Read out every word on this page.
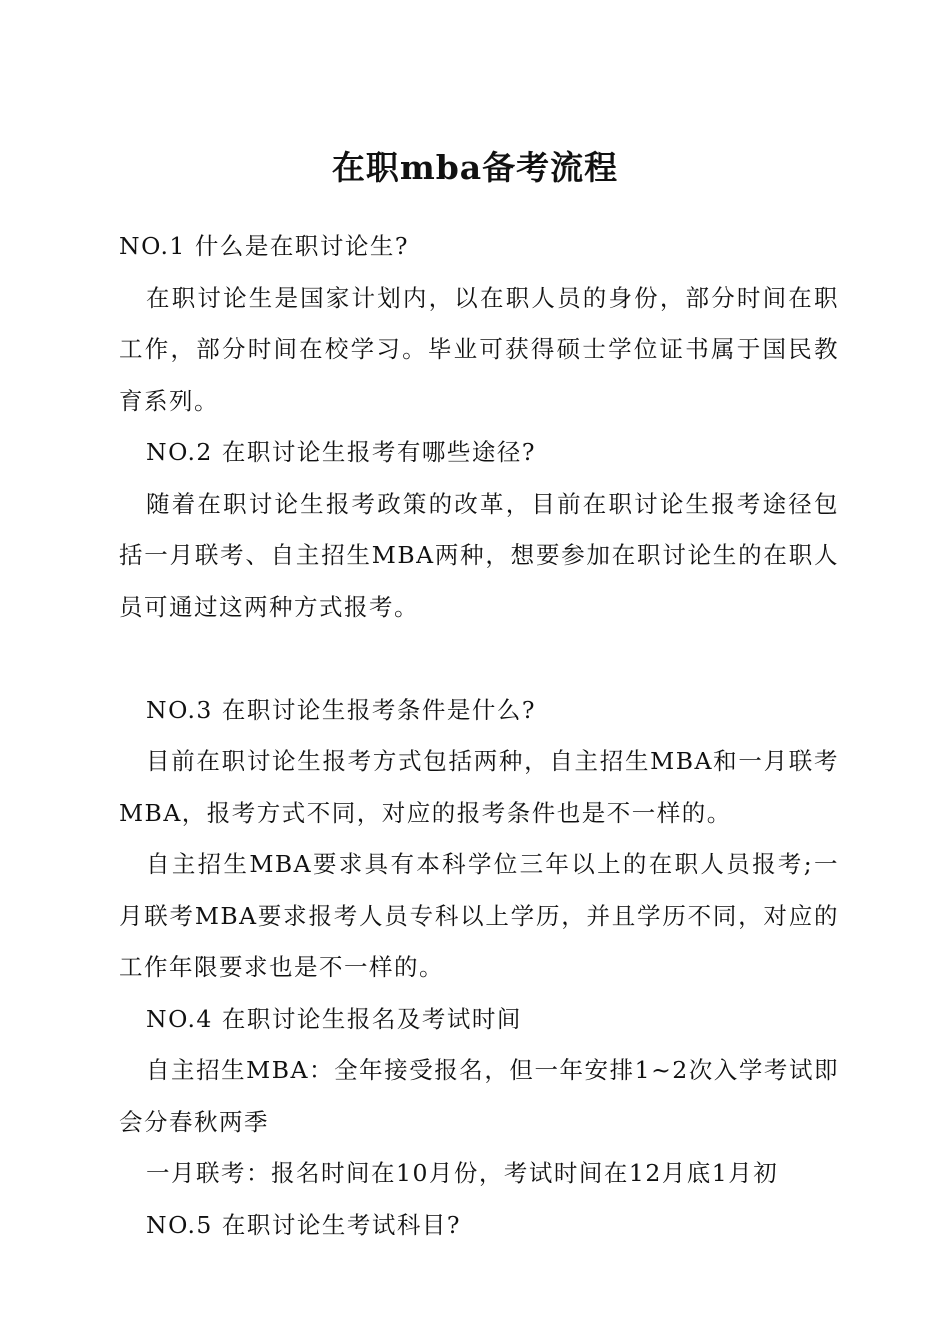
在职mba备考流程

NO.1 什么是在职讨论生?

在职讨论生是国家计划内，以在职人员的身份，部分时间在职工作，部分时间在校学习。毕业可获得硕士学位证书属于国民教育系列。

NO.2 在职讨论生报考有哪些途径?

随着在职讨论生报考政策的改革，目前在职讨论生报考途径包括一月联考、自主招生MBA两种，想要参加在职讨论生的在职人员可通过这两种方式报考。

NO.3 在职讨论生报考条件是什么?

目前在职讨论生报考方式包括两种，自主招生MBA和一月联考MBA，报考方式不同，对应的报考条件也是不一样的。

自主招生MBA要求具有本科学位三年以上的在职人员报考;一月联考MBA要求报考人员专科以上学历，并且学历不同，对应的工作年限要求也是不一样的。

NO.4 在职讨论生报名及考试时间

自主招生MBA：全年接受报名，但一年安排1~2次入学考试即会分春秋两季

一月联考：报名时间在10月份，考试时间在12月底1月初

NO.5 在职讨论生考试科目?
